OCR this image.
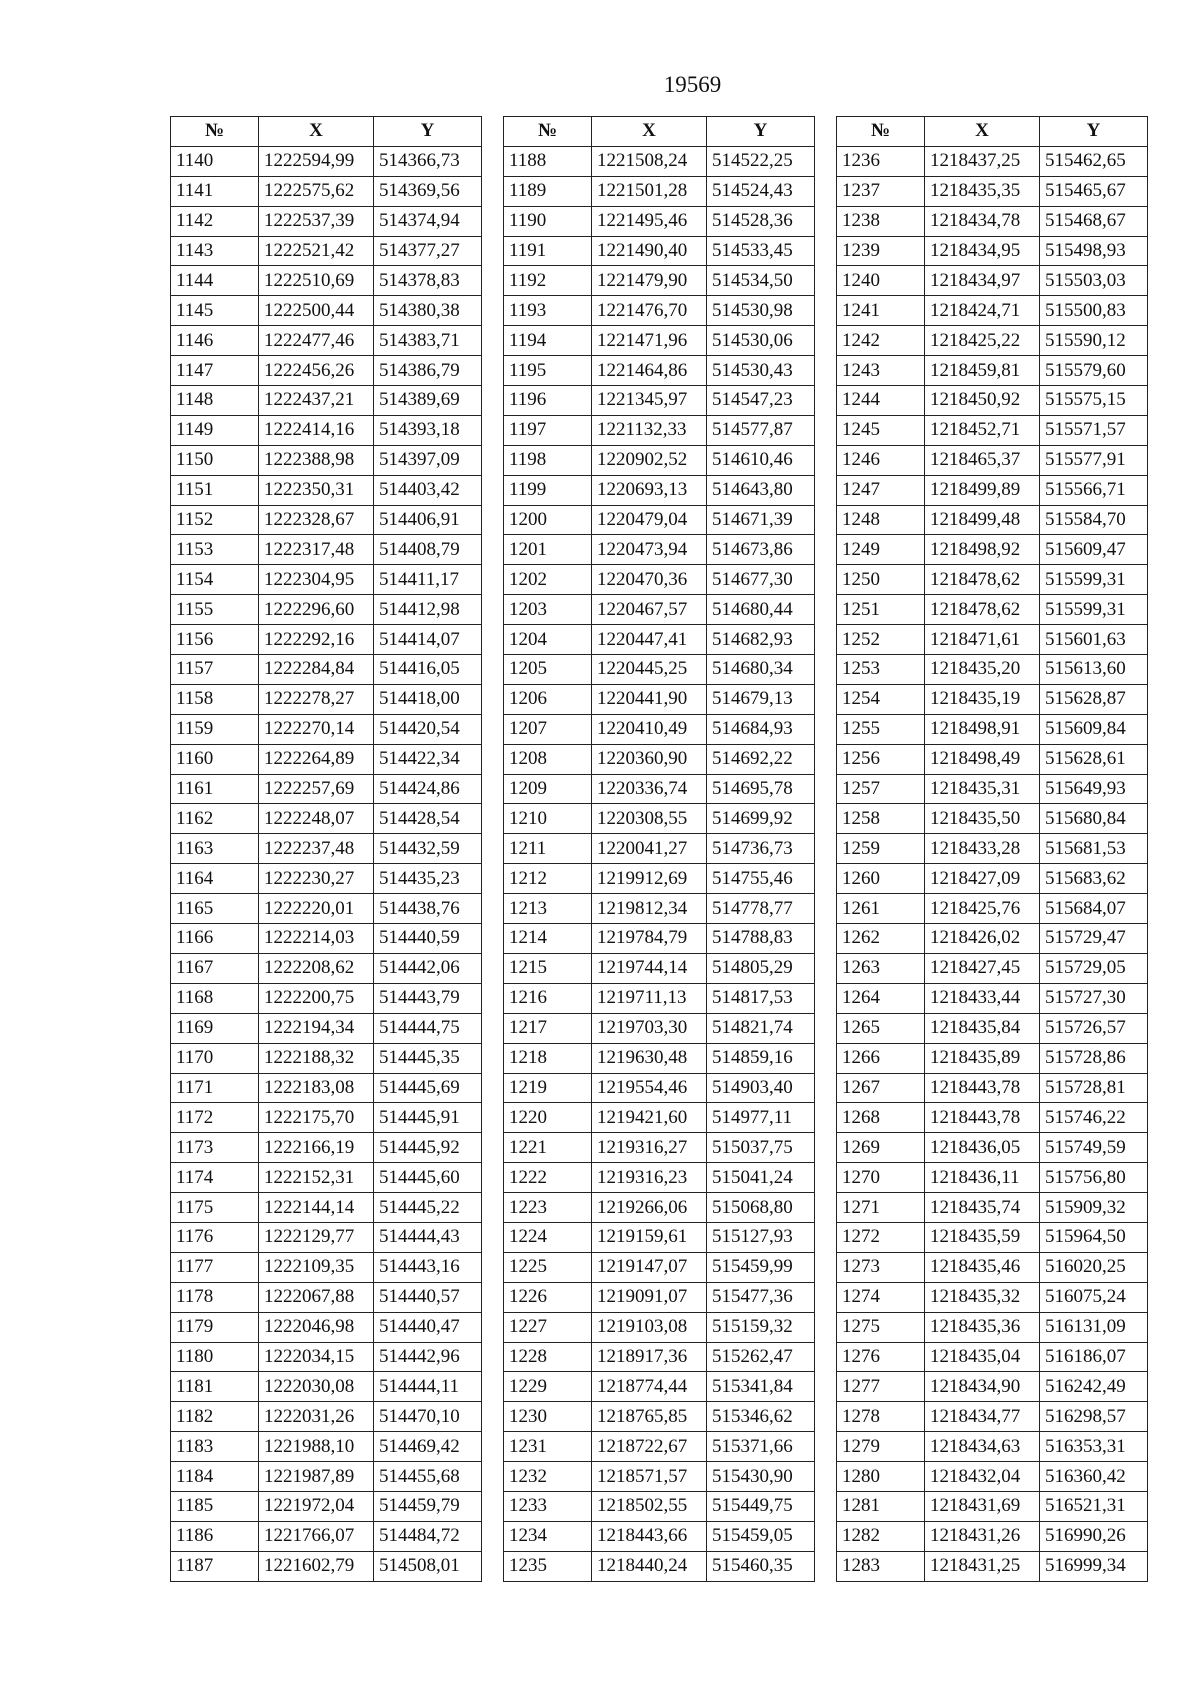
19569
№	X	Y
1140	1222594,99	514366,73
1141	1222575,62	514369,56
1142	1222537,39	514374,94
1143	1222521,42	514377,27
1144	1222510,69	514378,83
1145	1222500,44	514380,38
1146	1222477,46	514383,71
1147	1222456,26	514386,79
1148	1222437,21	514389,69
1149	1222414,16	514393,18
1150	1222388,98	514397,09
1151	1222350,31	514403,42
1152	1222328,67	514406,91
1153	1222317,48	514408,79
1154	1222304,95	514411,17
1155	1222296,60	514412,98
1156	1222292,16	514414,07
1157	1222284,84	514416,05
1158	1222278,27	514418,00
1159	1222270,14	514420,54
1160	1222264,89	514422,34
1161	1222257,69	514424,86
1162	1222248,07	514428,54
1163	1222237,48	514432,59
1164	1222230,27	514435,23
1165	1222220,01	514438,76
1166	1222214,03	514440,59
1167	1222208,62	514442,06
1168	1222200,75	514443,79
1169	1222194,34	514444,75
1170	1222188,32	514445,35
1171	1222183,08	514445,69
1172	1222175,70	514445,91
1173	1222166,19	514445,92
1174	1222152,31	514445,60
1175	1222144,14	514445,22
1176	1222129,77	514444,43
1177	1222109,35	514443,16
1178	1222067,88	514440,57
1179	1222046,98	514440,47
1180	1222034,15	514442,96
1181	1222030,08	514444,11
1182	1222031,26	514470,10
1183	1221988,10	514469,42
1184	1221987,89	514455,68
1185	1221972,04	514459,79
1186	1221766,07	514484,72
1187	1221602,79	514508,01
№	X	Y
1188	1221508,24	514522,25
1189	1221501,28	514524,43
1190	1221495,46	514528,36
1191	1221490,40	514533,45
1192	1221479,90	514534,50
1193	1221476,70	514530,98
1194	1221471,96	514530,06
1195	1221464,86	514530,43
1196	1221345,97	514547,23
1197	1221132,33	514577,87
1198	1220902,52	514610,46
1199	1220693,13	514643,80
1200	1220479,04	514671,39
1201	1220473,94	514673,86
1202	1220470,36	514677,30
1203	1220467,57	514680,44
1204	1220447,41	514682,93
1205	1220445,25	514680,34
1206	1220441,90	514679,13
1207	1220410,49	514684,93
1208	1220360,90	514692,22
1209	1220336,74	514695,78
1210	1220308,55	514699,92
1211	1220041,27	514736,73
1212	1219912,69	514755,46
1213	1219812,34	514778,77
1214	1219784,79	514788,83
1215	1219744,14	514805,29
1216	1219711,13	514817,53
1217	1219703,30	514821,74
1218	1219630,48	514859,16
1219	1219554,46	514903,40
1220	1219421,60	514977,11
1221	1219316,27	515037,75
1222	1219316,23	515041,24
1223	1219266,06	515068,80
1224	1219159,61	515127,93
1225	1219147,07	515459,99
1226	1219091,07	515477,36
1227	1219103,08	515159,32
1228	1218917,36	515262,47
1229	1218774,44	515341,84
1230	1218765,85	515346,62
1231	1218722,67	515371,66
1232	1218571,57	515430,90
1233	1218502,55	515449,75
1234	1218443,66	515459,05
1235	1218440,24	515460,35
№	X	Y
1236	1218437,25	515462,65
1237	1218435,35	515465,67
1238	1218434,78	515468,67
1239	1218434,95	515498,93
1240	1218434,97	515503,03
1241	1218424,71	515500,83
1242	1218425,22	515590,12
1243	1218459,81	515579,60
1244	1218450,92	515575,15
1245	1218452,71	515571,57
1246	1218465,37	515577,91
1247	1218499,89	515566,71
1248	1218499,48	515584,70
1249	1218498,92	515609,47
1250	1218478,62	515599,31
1251	1218478,62	515599,31
1252	1218471,61	515601,63
1253	1218435,20	515613,60
1254	1218435,19	515628,87
1255	1218498,91	515609,84
1256	1218498,49	515628,61
1257	1218435,31	515649,93
1258	1218435,50	515680,84
1259	1218433,28	515681,53
1260	1218427,09	515683,62
1261	1218425,76	515684,07
1262	1218426,02	515729,47
1263	1218427,45	515729,05
1264	1218433,44	515727,30
1265	1218435,84	515726,57
1266	1218435,89	515728,86
1267	1218443,78	515728,81
1268	1218443,78	515746,22
1269	1218436,05	515749,59
1270	1218436,11	515756,80
1271	1218435,74	515909,32
1272	1218435,59	515964,50
1273	1218435,46	516020,25
1274	1218435,32	516075,24
1275	1218435,36	516131,09
1276	1218435,04	516186,07
1277	1218434,90	516242,49
1278	1218434,77	516298,57
1279	1218434,63	516353,31
1280	1218432,04	516360,42
1281	1218431,69	516521,31
1282	1218431,26	516990,26
1283	1218431,25	516999,34
